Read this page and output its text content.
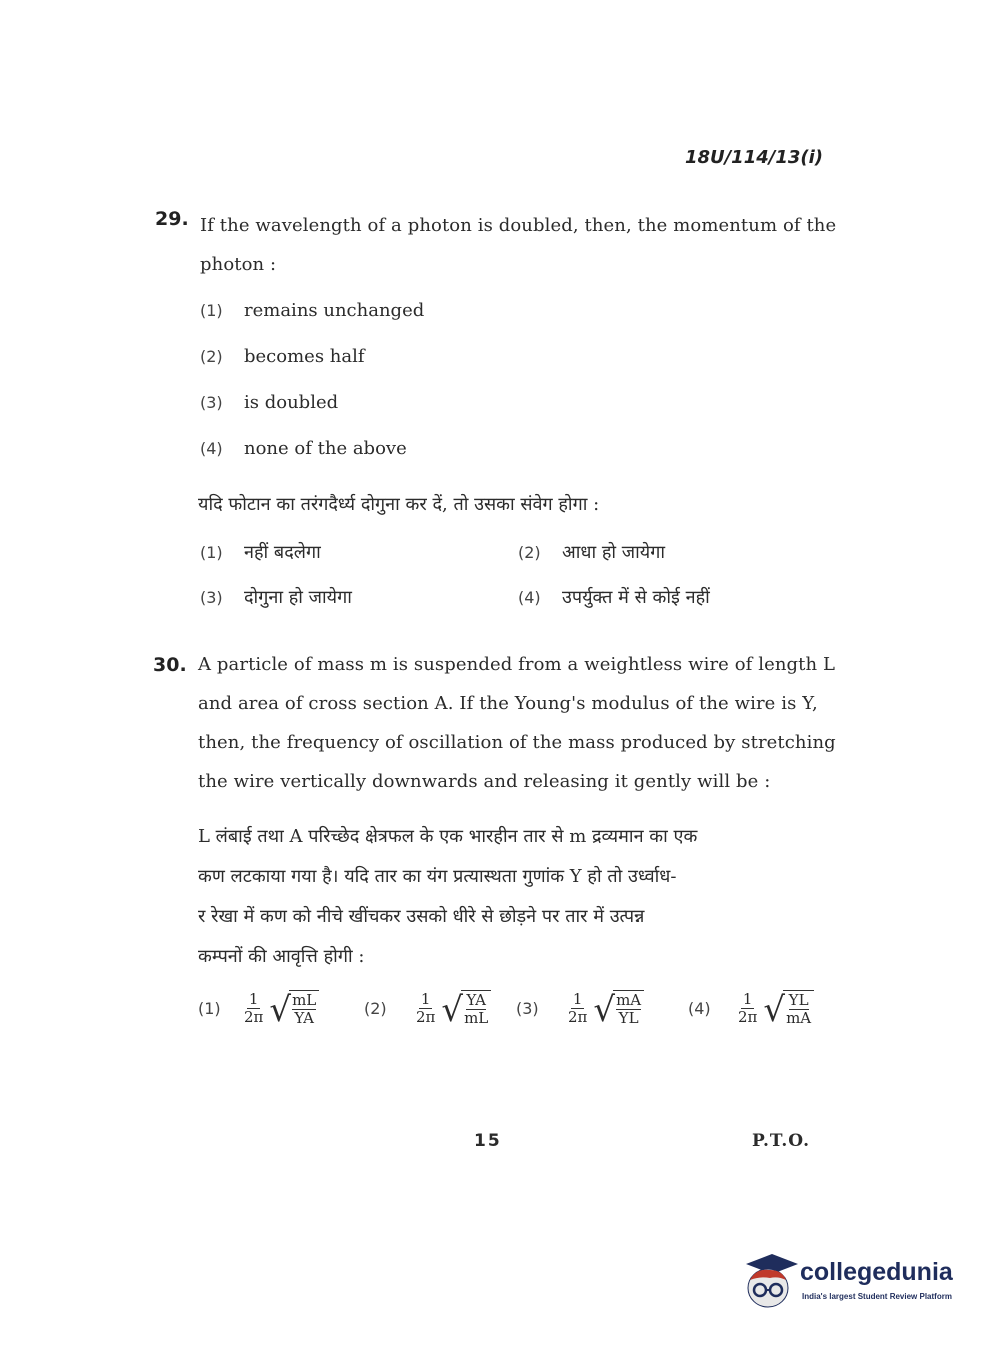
18U/114/13(i)
29. If the wavelength of a photon is doubled, then, the momentum of the
photon :
(1) remains unchanged
(2) becomes half
(3) is doubled
(4) none of the above
यदि फोटान का तरंगदैर्ध्य दोगुना कर दें, तो उसका संवेग होगा :
(1) नहीं बदलेगा	(2) आधा हो जायेगा
(3) दोगुना हो जायेगा	(4) उपर्युक्त में से कोई नहीं
30. A particle of mass m is suspended from a weightless wire of length L
and area of cross section A. If the Young's modulus of the wire is Y,
then, the frequency of oscillation of the mass produced by stretching
the wire vertically downwards and releasing it gently will be :
L लंबाई तथा A परिच्छेद क्षेत्रफल के एक भारहीन तार से m द्रव्यमान का एक
कण लटकाया गया है। यदि तार का यंग प्रत्यास्थता गुणांक Y हो तो उर्ध्वाध-
र रेखा में कण को नीचे खींचकर उसको धीरे से छोड़ने पर तार में उत्पन्न
कम्पनों की आवृत्ति होगी :
(1)	$\frac{1}{2\pi}$ √
$\frac{mL}{YA}$	(2)	$\frac{1}{2\pi}$ √
$\frac{YA}{mL} (3)$	$\frac{1}{2\pi}$ √
$\frac{mA}{YL}$	(4)	$\frac{1}{2\pi}$ √
$\frac{YL}{mA}$
15	P.T.O.
collegedunia
India's largest Student Review Platform
